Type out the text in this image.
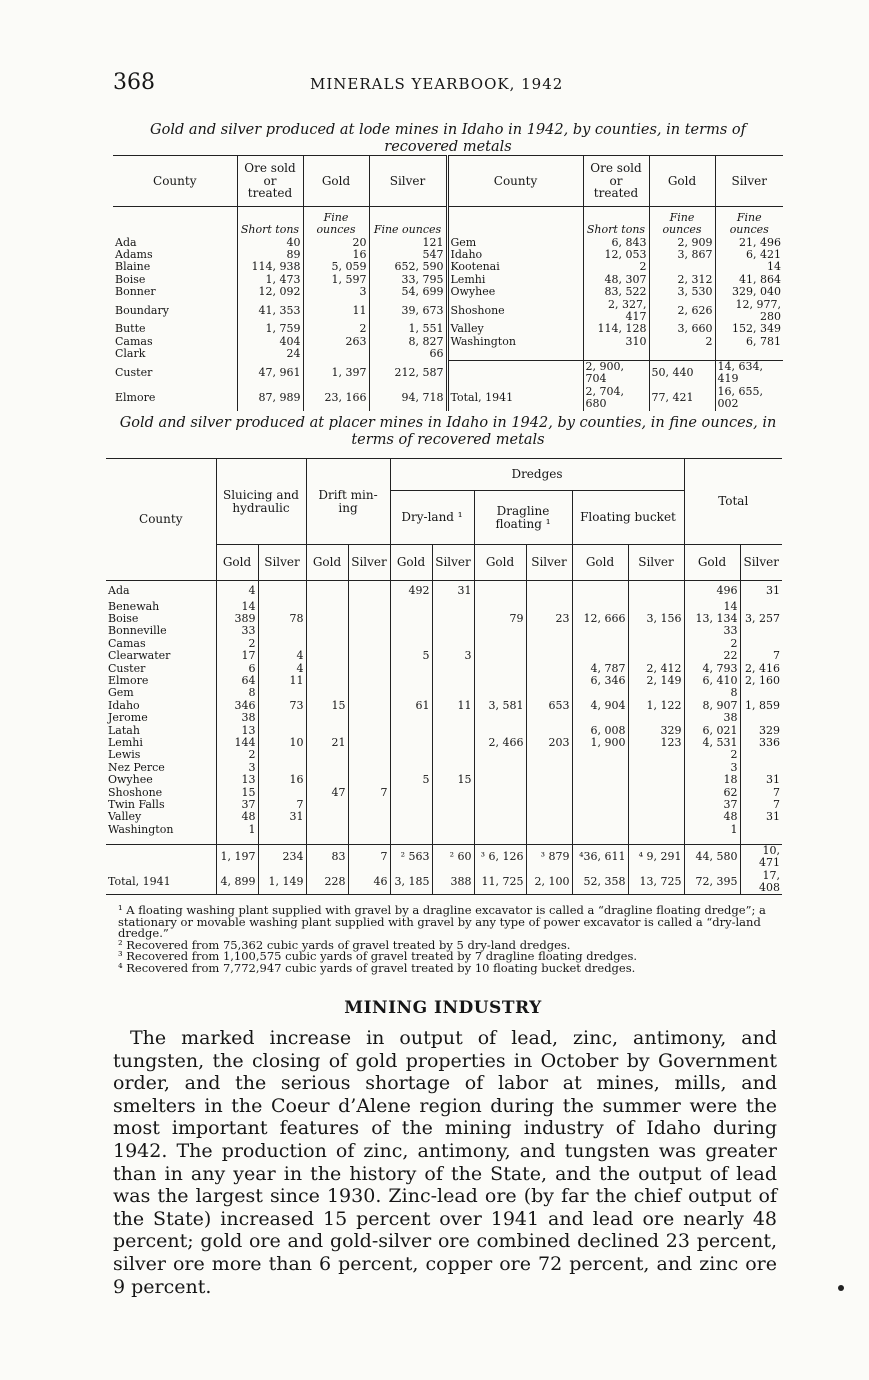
368	MINERALS YEARBOOK, 1942
Gold and silver produced at lode mines in Idaho in 1942, by counties, in terms of recovered metals
County	Ore sold or treated	Gold	Silver	County	Ore sold or treated	Gold	Silver
	Short tons	Fine ounces	Fine ounces		Short tons	Fine ounces	Fine ounces
Ada	40	20	121	Gem	6, 843	2, 909	21, 496
Adams	89	16	547	Idaho	12, 053	3, 867	6, 421
Blaine	114, 938	5, 059	652, 590	Kootenai	2		14
Boise	1, 473	1, 597	33, 795	Lemhi	48, 307	2, 312	41, 864
Bonner	12, 092	3	54, 699	Owyhee	83, 522	3, 530	329, 040
Boundary	41, 353	11	39, 673	Shoshone	2, 327, 417	2, 626	12, 977, 280
Butte	1, 759	2	1, 551	Valley	114, 128	3, 660	152, 349
Camas	404	263	8, 827	Washington	310	2	6, 781
Clark	24		66				
Custer	47, 961	1, 397	212, 587		2, 900, 704	50, 440	14, 634, 419
Elmore	87, 989	23, 166	94, 718	Total, 1941	2, 704, 680	77, 421	16, 655, 002
Gold and silver produced at placer mines in Idaho in 1942, by counties, in fine ounces, in terms of recovered metals
County	Sluicing and hydraulic		Drift min- ing		Dredges						Total	
					Dry-land ¹		Dragline floating ¹		Floating bucket			
	Gold	Silver	Gold	Silver	Gold	Silver	Gold	Silver	Gold	Silver	Gold	Silver
Ada	4				492	31					496	31
Benewah	14										14	
Boise	389	78					79	23	12, 666	3, 156	13, 134	3, 257
Bonneville	33										33	
Camas	2										2	
Clearwater	17	4			5	3					22	7
Custer	6	4							4, 787	2, 412	4, 793	2, 416
Elmore	64	11							6, 346	2, 149	6, 410	2, 160
Gem	8										8	
Idaho	346	73	15		61	11	3, 581	653	4, 904	1, 122	8, 907	1, 859
Jerome	38										38	
Latah	13								6, 008	329	6, 021	329
Lemhi	144	10	21				2, 466	203	1, 900	123	4, 531	336
Lewis	2										2	
Nez Perce	3										3	
Owyhee	13	16			5	15					18	31
Shoshone	15		47	7							62	7
Twin Falls	37	7									37	7
Valley	48	31									48	31
Washington	1										1	

	1, 197	234	83	7	² 563	² 60	³ 6, 126	³ 879	⁴36, 611	⁴ 9, 291	44, 580	10, 471
Total, 1941	4, 899	1, 149	228	46	3, 185	388	11, 725	2, 100	52, 358	13, 725	72, 395	17, 408

¹ A floating washing plant supplied with gravel by a dragline excavator is called a “dragline floating dredge”; a stationary or movable washing plant supplied with gravel by any type of power excavator is called a “dry-land dredge.”

² Recovered from 75,362 cubic yards of gravel treated by 5 dry-land dredges.

³ Recovered from 1,100,575 cubic yards of gravel treated by 7 dragline floating dredges.

⁴ Recovered from 7,772,947 cubic yards of gravel treated by 10 floating bucket dredges.

MINING INDUSTRY
The marked increase in output of lead, zinc, antimony, and tungsten, the closing of gold properties in October by Government order, and the serious shortage of labor at mines, mills, and smelters in the Coeur d’Alene region during the summer were the most important features of the mining industry of Idaho during 1942. The production of zinc, antimony, and tungsten was greater than in any year in the history of the State, and the output of lead was the largest since 1930. Zinc-lead ore (by far the chief output of the State) increased 15 percent over 1941 and lead ore nearly 48 percent; gold ore and gold-silver ore combined declined 23 percent, silver ore more than 6 percent, copper ore 72 percent, and zinc ore 9 percent.
